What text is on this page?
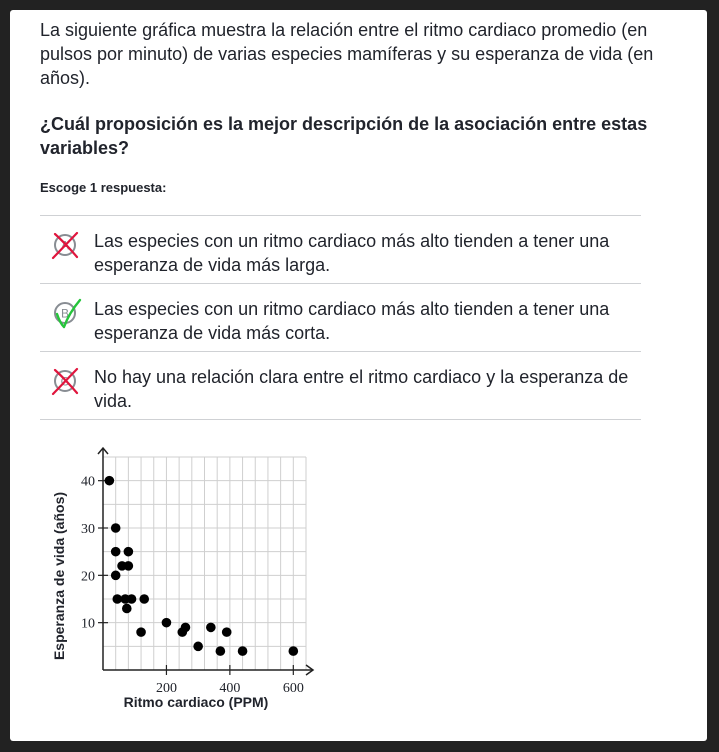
La siguiente gráfica muestra la relación entre el ritmo cardiaco promedio (en pulsos por minuto) de varias especies mamíferas y su esperanza de vida (en años).

¿Cuál proposición es la mejor descripción de la asociación entre estas variables?

Escoge 1 respuesta:
A Las especies con un ritmo cardiaco más alto tienden a tener una esperanza de vida más larga.
B Las especies con un ritmo cardiaco más alto tienden a tener una esperanza de vida más corta.
C No hay una relación clara entre el ritmo cardiaco y la esperanza de vida.
10
20
30
40
200	400	600
Ritmo cardiaco (PPM)
Esperanza de vida (años)
